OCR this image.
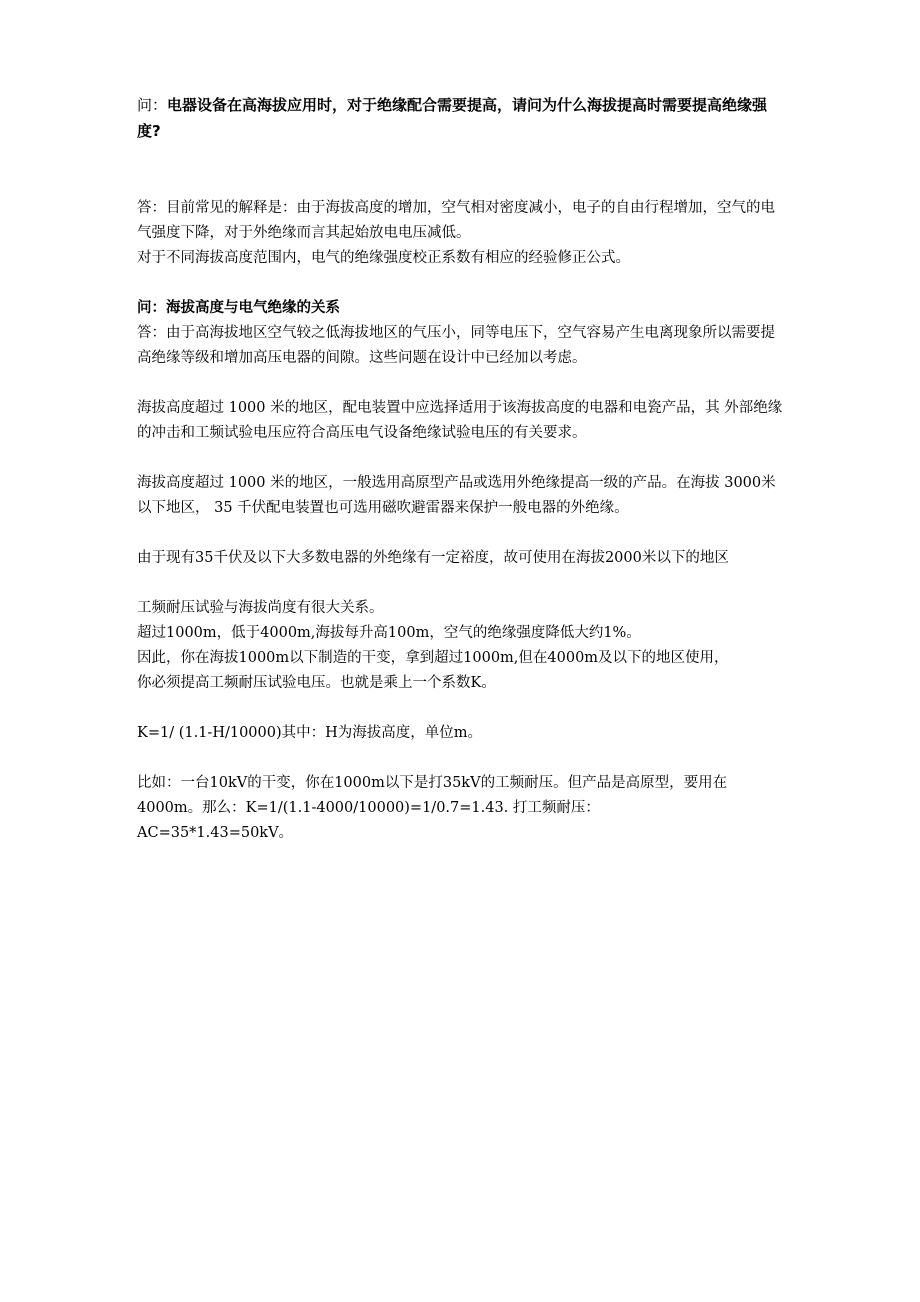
问：电器设备在高海拔应用时，对于绝缘配合需要提高，请问为什么海拔提高时需要提高绝缘强度?

答：目前常见的解释是：由于海拔高度的增加，空气相对密度减小，电子的自由行程增加，空气的电气强度下降，对于外绝缘而言其起始放电电压减低。

对于不同海拔高度范围内，电气的绝缘强度校正系数有相应的经验修正公式。

问：海拔高度与电气绝缘的关系

答：由于高海拔地区空气较之低海拔地区的气压小，同等电压下，空气容易产生电离现象所以需要提高绝缘等级和增加高压电器的间隙。这些问题在设计中已经加以考虑。

海拔高度超过 1000 米的地区，配电装置中应选择适用于该海拔高度的电器和电瓷产品，其 外部绝缘的冲击和工频试验电压应符合高压电气设备绝缘试验电压的有关要求。

海拔高度超过 1000 米的地区，一般选用高原型产品或选用外绝缘提高一级的产品。在海拔 3000米以下地区， 35 千伏配电装置也可选用磁吹避雷器来保护一般电器的外绝缘。

由于现有35千伏及以下大多数电器的外绝缘有一定裕度，故可使用在海拔2000米以下的地区

工频耐压试验与海拔尚度有很大关系。

超过1000m，低于4000m,海拔每升高100m，空气的绝缘强度降低大约1%。

因此，你在海拔1000m以下制造的干变，拿到超过1000m,但在4000m及以下的地区使用，

你必须提高工频耐压试验电压。也就是乘上一个系数K。

K=1/ (1.1-H/10000)其中：H为海拔高度，单位m。

比如：一台10kV的干变，你在1000m以下是打35kV的工频耐压。但产品是高原型，要用在4000m。那么：K=1/(1.1-4000/10000)=1/0.7=1.43. 打工频耐压：

AC=35*1.43=50kV。
